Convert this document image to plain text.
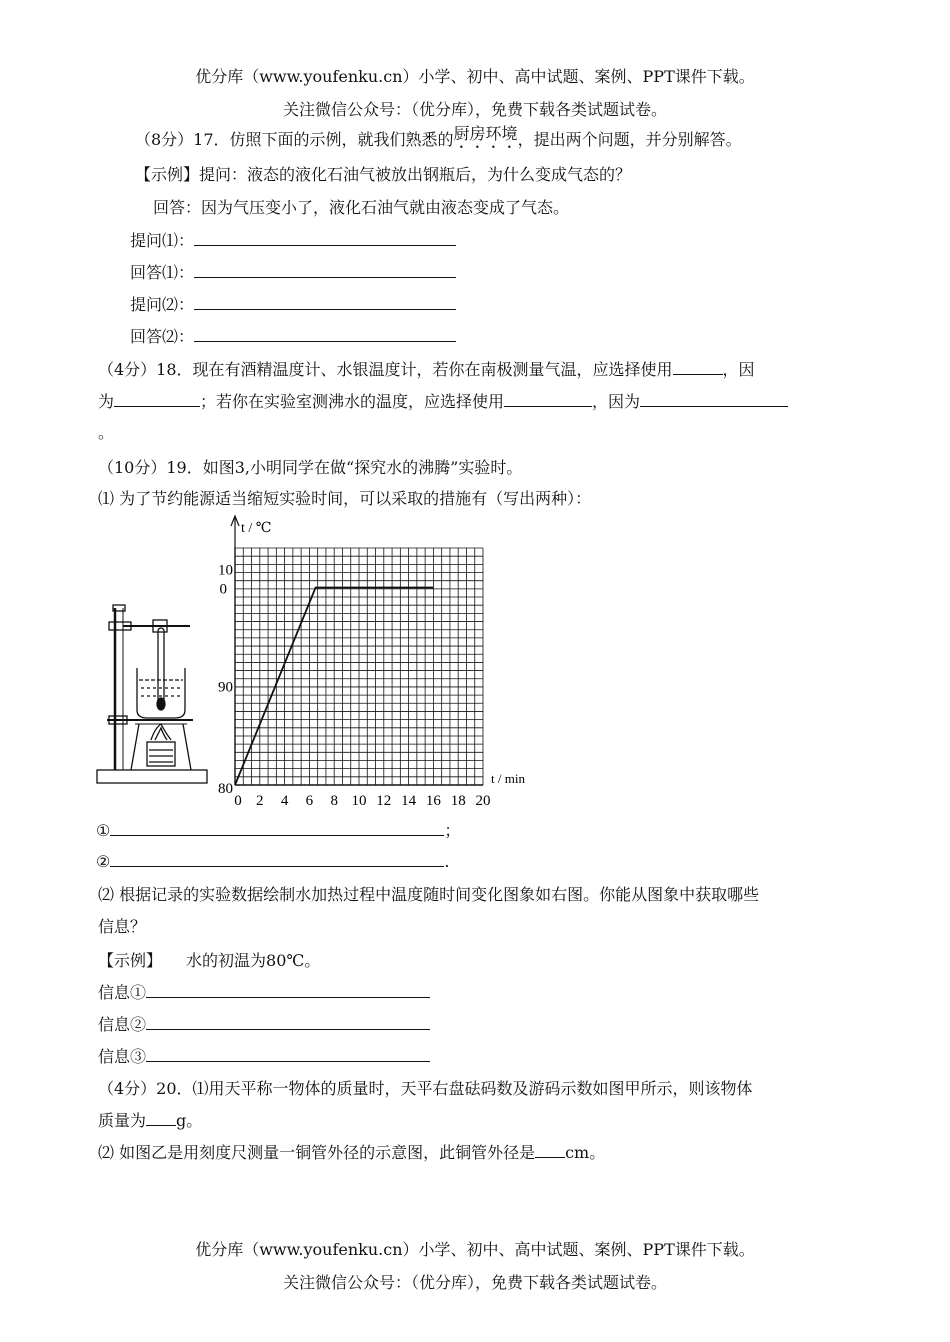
优分库（www.youfenku.cn）小学、初中、高中试题、案例、PPT课件下载。
关注微信公众号：（优分库），免费下载各类试题试卷。
（8分）17．仿照下面的示例，就我们熟悉的厨房环境，提出两个问题，并分别解答。
【示例】提问：液态的液化石油气被放出钢瓶后，为什么变成气态的？
回答：因为气压变小了，液化石油气就由液态变成了气态。
提问⑴：
回答⑴：
提问⑵：
回答⑵：
（4分）18．现在有酒精温度计、水银温度计，若你在南极测量气温，应选择使用	，因
为	；若你在实验室测沸水的温度，应选择使用	，因为
。
（10分）19．如图3,小明同学在做“探究水的沸腾”实验时。
⑴ 为了节约能源适当缩短实验时间，可以采取的措施有（写出两种）：
t / ℃
t / min
0 2 4 6 8 10 12 14 16 18 20
80
90
10
0
①	；
②	.
⑵ 根据记录的实验数据绘制水加热过程中温度随时间变化图象如右图。你能从图象中获取哪些
信息？
【示例】 水的初温为80℃。
信息①
信息②
信息③
（4分）20．⑴用天平称一物体的质量时，天平右盘砝码数及游码示数如图甲所示，则该物体
质量为 g。
⑵ 如图乙是用刻度尺测量一铜管外径的示意图，此铜管外径是 cm。
优分库（www.youfenku.cn）小学、初中、高中试题、案例、PPT课件下载。
关注微信公众号：（优分库），免费下载各类试题试卷。
